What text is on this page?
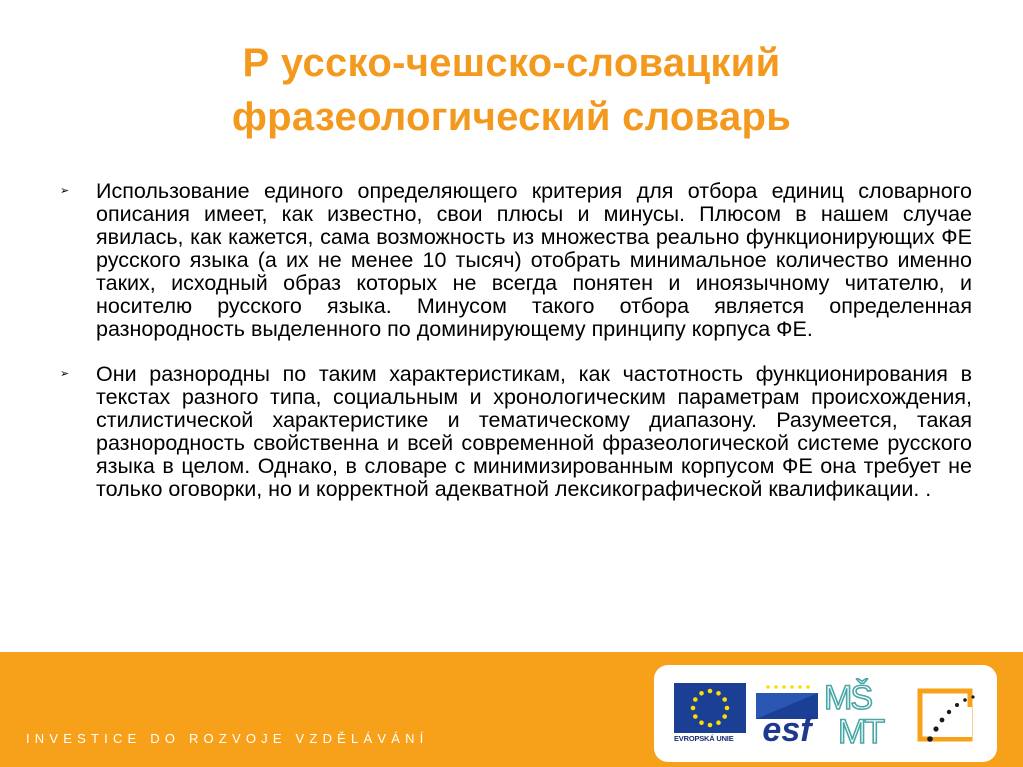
Р усско-чешско-словацкий
фразеологический словарь
➢ Использование единого определяющего критерия для отбора единиц словарного описания имеет, как известно, свои плюсы и минусы. Плюсом в нашем случае явилась, как кажется, сама возможность из множества реально функционирующих ФЕ русского языка (а их не менее 10 тысяч) отобрать минимальное количество именно таких, исходный образ которых не всегда понятен и иноязычному читателю, и носителю русского языка. Минусом такого отбора является определенная разнородность выделенного по доминирующему принципу корпуса ФЕ.
➢ Они разнородны по таким характеристикам, как частотность функционирования в текстах разного типа, социальным и хронологическим параметрам происхождения, стилистической характеристике и тематическому диапазону. Разумеется, такая разнородность свойственна и всей современной фразеологической системе русского языка в целом. Однако, в словаре с минимизированным корпусом ФЕ она требует не только оговорки, но и корректной адекватной лексикографической квалификации. .
INVESTICE DO ROZVOJE VZDĚLÁVÁNÍ	EVROPSKÁ UNIE esf
MŠ
MT
MŠMT
